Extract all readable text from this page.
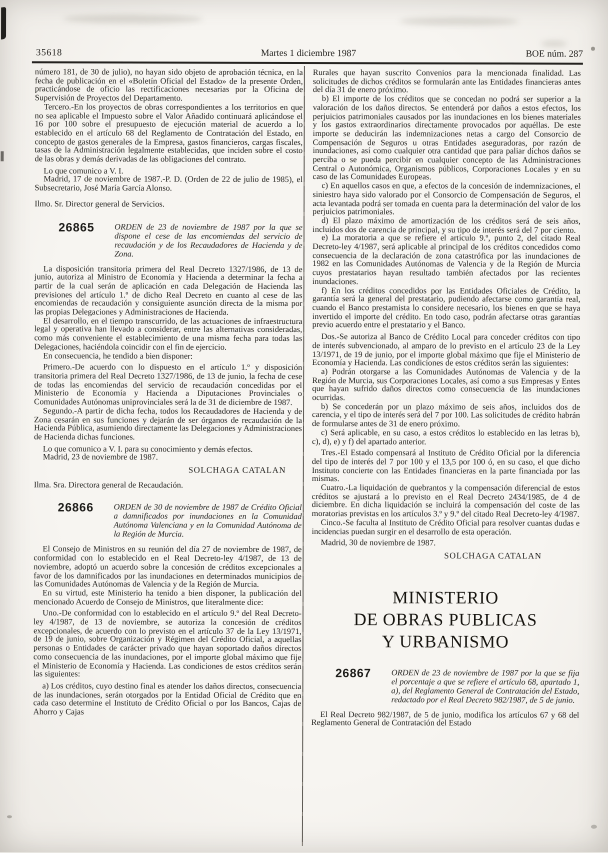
35618	Martes 1 diciembre 1987	BOE núm. 287

número 181, de 30 de julio), no hayan sido objeto de aprobación técnica, en la fecha de publicación en el «Boletín Oficial del Estado» de la presente Orden, practicándose de oficio las rectificaciones necesarias por la Oficina de Supervisión de Proyectos del Departamento.

Tercero.-En los proyectos de obras correspondientes a los territorios en que no sea aplicable el Impuesto sobre el Valor Añadido continuará aplicándose el 16 por 100 sobre el presupuesto de ejecución material de acuerdo a lo establecido en el artículo 68 del Reglamento de Contratación del Estado, en concepto de gastos generales de la Empresa, gastos financieros, cargas fiscales, tasas de la Administración legalmente establecidas, que inciden sobre el costo de las obras y demás derivadas de las obligaciones del contrato.

Lo que comunico a V. I.

Madrid, 17 de noviembre de 1987.-P. D. (Orden de 22 de julio de 1985), el Subsecretario, José María García Alonso.

Ilmo. Sr. Director general de Servicios.

26865	ORDEN de 23 de noviembre de 1987 por la que se dispone el cese de las encomiendas del servicio de recaudación y de los Recaudadores de Hacienda y de Zona.

La disposición transitoria primera del Real Decreto 1327/1986, de 13 de junio, autoriza al Ministro de Economía y Hacienda a determinar la fecha a partir de la cual serán de aplicación en cada Delegación de Hacienda las previsiones del artículo 1.º de dicho Real Decreto en cuanto al cese de las encomiendas de recaudación y consiguiente asunción directa de la misma por las propias Delegaciones y Administraciones de Hacienda.

El desarrollo, en el tiempo transcurrido, de las actuaciones de infraestructura legal y operativa han llevado a considerar, entre las alternativas consideradas, como más conveniente el establecimiento de una misma fecha para todas las Delegaciones, haciéndola coincidir con el fin de ejercicio.

En consecuencia, he tendido a bien disponer:

Primero.-De acuerdo con lo dispuesto en el artículo 1.º y disposición transitoria primera del Real Decreto 1327/1986, de 13 de junio, la fecha de cese de todas las encomiendas del servicio de recaudación concedidas por el Ministerio de Economía y Hacienda a Diputaciones Provinciales o Comunidades Autónomas uniprovinciales será la de 31 de diciembre de 1987.

Segundo.-A partir de dicha fecha, todos los Recaudadores de Hacienda y de Zona cesarán en sus funciones y dejarán de ser órganos de recaudación de la Hacienda Pública, asumiendo directamente las Delegaciones y Administraciones de Hacienda dichas funciones.

Lo que comunico a V. I. para su conocimiento y demás efectos.

Madrid, 23 de noviembre de 1987.

SOLCHAGA CATALAN

Ilma. Sra. Directora general de Recaudación.

26866	ORDEN de 30 de noviembre de 1987 de Crédito Oficial a damnificados por inundaciones en la Comunidad Autónoma Valenciana y en la Comunidad Autónoma de la Región de Murcia.

El Consejo de Ministros en su reunión del día 27 de noviembre de 1987, de conformidad con lo establecido en el Real Decreto-ley 4/1987, de 13 de noviembre, adoptó un acuerdo sobre la concesión de créditos excepcionales a favor de los damnificados por las inundaciones en determinados municipios de las Comunidades Autónomas de Valencia y de la Región de Murcia.

En su virtud, este Ministerio ha tenido a bien disponer, la publicación del mencionado Acuerdo de Consejo de Ministros, que literalmente dice:

Uno.-De conformidad con lo establecido en el artículo 9.º del Real Decreto-ley 4/1987, de 13 de noviembre, se autoriza la concesión de créditos excepcionales, de acuerdo con lo previsto en el artículo 37 de la Ley 13/1971, de 19 de junio, sobre Organización y Régimen del Crédito Oficial, a aquellas personas o Entidades de carácter privado que hayan soportado daños directos como consecuencia de las inundaciones, por el importe global máximo que fije el Ministerio de Economía y Hacienda. Las condiciones de estos créditos serán las siguientes:

a) Los créditos, cuyo destino final es atender los daños directos, consecuencia de las inundaciones, serán otorgados por la Entidad Oficial de Crédito que en cada caso determine el Instituto de Crédito Oficial o por los Bancos, Cajas de Ahorro y Cajas

Rurales que hayan suscrito Convenios para la mencionada finalidad. Las solicitudes de dichos créditos se formularán ante las Entidades financieras antes del día 31 de enero próximo.

b) El importe de los créditos que se concedan no podrá ser superior a la valoración de los daños directos. Se entenderá por daños a estos efectos, los perjuicios patrimoniales causados por las inundaciones en los bienes materiales y los gastos extraordinarios directamente provocados por aquéllas. De este importe se deducirán las indemnizaciones netas a cargo del Consorcio de Compensación de Seguros u otras Entidades aseguradoras, por razón de inundaciones, así como cualquier otra cantidad que para paliar dichos daños se perciba o se pueda percibir en cualquier concepto de las Administraciones Central o Autonómica, Organismos públicos, Corporaciones Locales y en su caso de las Comunidades Europeas.

c) En aquellos casos en que, a efectos de la concesión de indemnizaciones, el siniestro haya sido valorado por el Consorcio de Compensación de Seguros, el acta levantada podrá ser tomada en cuenta para la determinación del valor de los perjuicios patrimoniales.

d) El plazo máximo de amortización de los créditos será de seis años, incluidos dos de carencia de principal, y su tipo de interés será del 7 por ciento.

e) La moratoria a que se refiere el artículo 9.º, punto 2, del citado Real Decreto-ley 4/1987, será aplicable al principal de los créditos concedidos como consecuencia de la declaración de zona catastrófica por las inundaciones de 1982 en las Comunidades Autónomas de Valencia y de la Región de Murcia cuyos prestatarios hayan resultado también afectados por las recientes inundaciones.

f) En los créditos concedidos por las Entidades Oficiales de Crédito, la garantía será la general del prestatario, pudiendo afectarse como garantía real, cuando el Banco prestamista lo considere necesario, los bienes en que se haya invertido el importe del crédito. En todo caso, podrán afectarse otras garantías previo acuerdo entre el prestatario y el Banco.

Dos.-Se autoriza al Banco de Crédito Local para conceder créditos con tipo de interés subvencionado, al amparo de lo previsto en el artículo 23 de la Ley 13/1971, de 19 de junio, por el importe global máximo que fije el Ministerio de Economía y Hacienda. Las condiciones de estos créditos serán las siguientes:

a) Podrán otorgarse a las Comunidades Autónomas de Valencia y de la Región de Murcia, sus Corporaciones Locales, así como a sus Empresas y Entes que hayan sufrido daños directos como consecuencia de las inundaciones ocurridas.

b) Se concederán por un plazo máximo de seis años, incluidos dos de carencia, y el tipo de interés será del 7 por 100. Las solicitudes de crédito habrán de formularse antes de 31 de enero próximo.

c) Será aplicable, en su caso, a estos créditos lo establecido en las letras b), c), d), e) y f) del apartado anterior.

Tres.-El Estado compensará al Instituto de Crédito Oficial por la diferencia del tipo de interés del 7 por 100 y el 13,5 por 100 ó, en su caso, el que dicho Instituto concierte con las Entidades financieras en la parte financiada por las mismas.

Cuatro.-La liquidación de quebrantos y la compensación diferencial de estos créditos se ajustará a lo previsto en el Real Decreto 2434/1985, de 4 de diciembre. En dicha liquidación se incluirá la compensación del coste de las moratorias previstas en los artículos 3.º y 9.º del citado Real Decreto-ley 4/1987.

Cinco.-Se faculta al Instituto de Crédito Oficial para resolver cuantas dudas e incidencias puedan surgir en el desarrollo de esta operación.

Madrid, 30 de noviembre de 1987.

SOLCHAGA CATALAN

MINISTERIO
DE OBRAS PUBLICAS
Y URBANISMO
26867	ORDEN de 23 de noviembre de 1987 por la que se fija el porcentaje a que se refiere el artículo 68, apartado 1, a), del Reglamento General de Contratación del Estado, redactado por el Real Decreto 982/1987, de 5 de junio.

El Real Decreto 982/1987, de 5 de junio, modifica los artículos 67 y 68 del Reglamento General de Contratación del Estado
